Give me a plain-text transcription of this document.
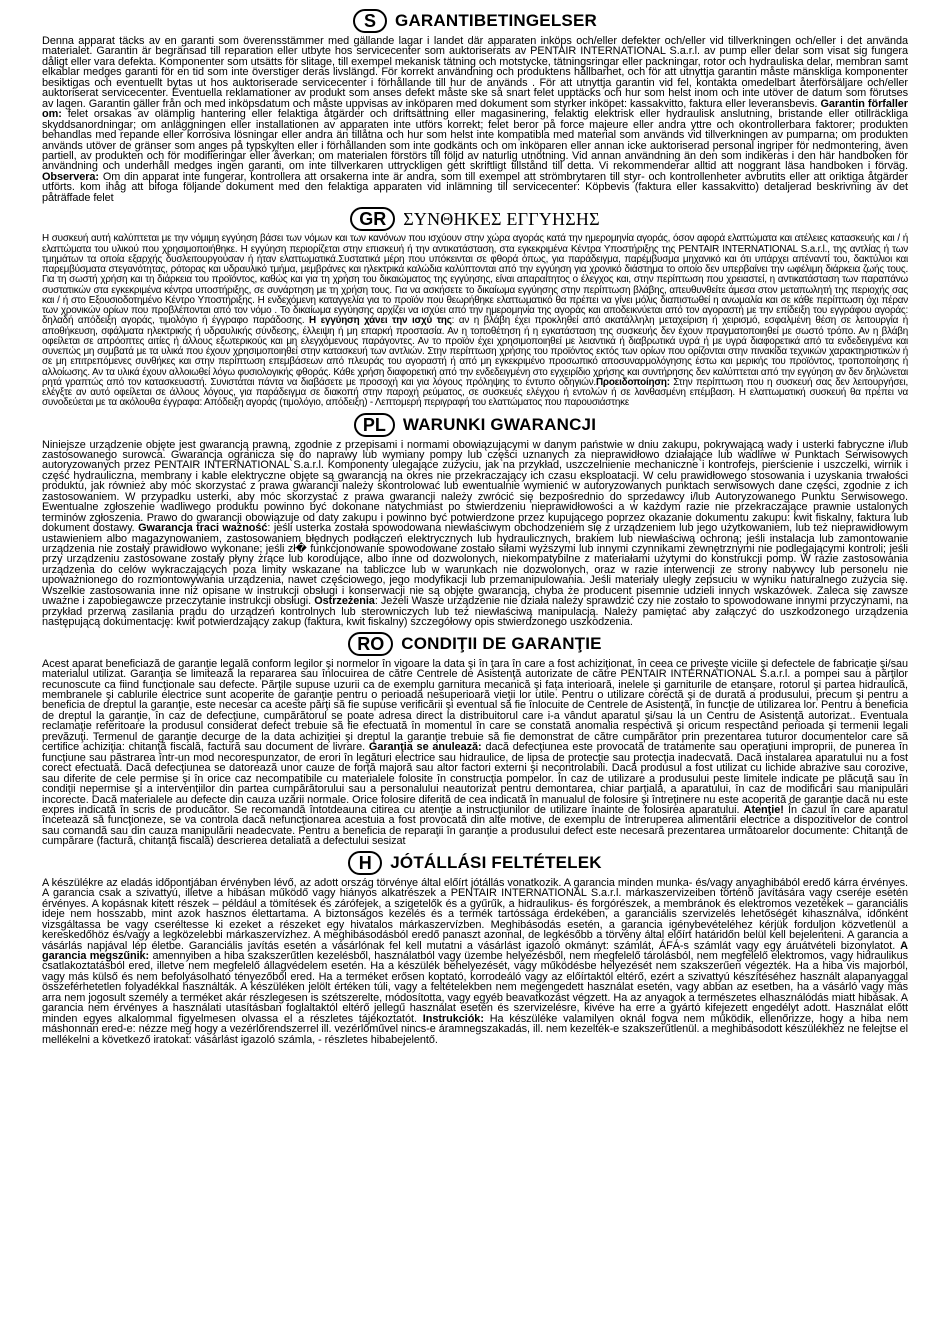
S	GARANTIBETINGELSER

Denna apparat täcks av en garanti som överensstämmer med gällande lagar i landet där apparaten inköps och/eller defekter och/eller vid tillverkningen och/eller i det använda materialet. Garantin är begränsad till reparation eller utbyte hos servicecenter som auktoriserats av PENTAIR INTERNATIONAL S.a.r.l. av pump eller delar som visat sig fungera dåligt eller vara defekta. Komponenter som utsätts för slitage, till exempel mekanisk tätning och motstycke, tätningsringar eller packningar, rotor och hydrauliska delar, membran samt elkablar medges garanti för en tid som inte överstiger deras livslängd. För korrekt användning och produktens hållbarhet, och för att utnyttja garantin måste mänskliga komponenter besiktigas och eventuellt bytas ut hos auktoriserade servicecenter i förhållande till hur de används . För att utnyttja garantin vid fel, kontakta omedelbart återförsäljare och/eller auktoriserat servicecenter. Eventuella reklamationer av produkt som anses defekt måste ske så snart felet upptäcks och hur som helst inom och inte utöver de datum som förutses av lagen. Garantin gäller från och med inköpsdatum och måste uppvisas av inköparen med dokument som styrker inköpet: kassakvitto, faktura eller leveransbevis. Garantin förfaller om: felet orsakas av olämplig hantering eller felaktiga åtgärder och driftsättning eller magasinering, felaktig elektrisk eller hydraulisk anslutning, bristande eller otillräckliga skyddsanordningar; om anläggningen eller installationen av apparaten inte utförs korrekt; felet beror på force majeure eller andra yttre och okontrollerbara faktorer; produkten behandlas med repande eller korrosiva lösningar eller andra än tillåtna och hur som helst inte kompatibla med material som används vid tillverkningen av pumparna; om produkten används utöver de gränser som anges på typskylten eller i förhållanden som inte godkänts och om inköparen eller annan icke auktoriserad personal ingriper för nedmontering, även partiell, av produkten och för modifieringar eller åverkan; om materialen förstörs till följd av naturlig utnötning. Vid annan användning än den som indikeras i den här handboken för användning och underhåll medges ingen garanti, om inte tillverkaren uttryckligen gett skriftligt tillstånd till detta. Vi rekommenderar alltid att noggrant läsa handboken i förväg. Observera: Om din apparat inte fungerar, kontrollera att orsakerna inte är andra, som till exempel att strömbrytaren till styr- och kontrollenheter avbrutits eller att oriktiga åtgärder utförts. kom ihåg att bifoga följande dokument med den felaktiga apparaten vid inlämning till servicecenter: Köpbevis (faktura eller kassakvitto) detaljerad beskrivning av det påträffade felet

GR ΣΥΝΘΗΚΕΣ ΕΓΓΥΗΣΗΣ

Η συσκευή αυτή καλύπτεται με την νόμιμη εγγύηση βάσει των νόμων και των κανόνων που ισχύουν στην χώρα αγοράς κατά την ημερομηνία αγοράς, όσον αφορά ελαττώματα και ατέλειες κατασκευής και / ή ελαττώματα του υλικού που χρησιμοποιήθηκε. Η εγγύηση περιορίζεται στην επισκευή ή την αντικατάσταση, στα εγκεκριμένα Κέντρα Υποστήριξης της PENTAIR INTERNATIONAL S.a.r.l., της αντλίας ή των τμημάτων τα οποία εξαρχής δυσλειτουργούσαν ή ήταν ελαττωματικά.Συστατικά μέρη που υπόκεινται σε φθορά όπως, για παράδειγμα, παρέμβυσμα μηχανικό και ότι υπάρχει απέναντί του, δακτύλιοι και παρεμβύσματα στεγανότητας, ρότορας και υδραυλικό τμήμα, μεμβράνες και ηλεκτρικά καλώδια καλύπτονται από την εγγύηση για χρονικό διάστημα το οποίο δεν υπερβαίνει την ωφέλιμη διάρκεια ζωής τους. Για τη σωστή χρήση και τη διάρκεια του προϊόντος, καθώς και για τη χρήση του δικαιώματος της εγγύησης, είναι απαραίτητος ο έλεγχος και, στην περίπτωση που χρειαστεί, η αντικατάσταση των παραπάνω συστατικών στα εγκεκριμένα κέντρα υποστήριξης, σε συνάρτηση με τη χρήση τους. Για να ασκήσετε το δικαίωμα εγγύησης στην περίπτωση βλάβης, απευθυνθείτε άμεσα στον μεταπωλητή της περιοχής σας και / ή στο Εξουσιοδοτημένο Κέντρο Υποστήριξης. Η ενδεχόμενη καταγγελία για το προϊόν που θεωρήθηκε ελαττωματικό θα πρέπει να γίνει μόλις διαπιστωθεί η ανωμαλία και σε κάθε περίπτωση όχι πέραν των χρονικών ορίων που προβλέπονται από τον νόμο . Το δικαίωμα εγγύησης αρχίζει να ισχύει από την ημερομηνία της αγοράς και αποδεικνύεται από τον αγοραστή με την επίδειξη του εγγράφου αγοράς: δηλαδή απόδειξη αγοράς, τιμολόγιο ή έγγραφο παράδοσης. Η εγγύηση χάνει την ισχύ της: αν η βλάβη έχει προκληθεί από ακατάλληλη μεταχείριση ή χειρισμό, εσφαλμένη θέση σε λειτουργία ή αποθήκευση, σφάλματα ηλεκτρικής ή υδραυλικής σύνδεσης, έλλειψη ή μη επαρκή προστασία. Αν η τοποθέτηση ή η εγκατάσταση της συσκευής δεν έχουν πραγματοποιηθεί με σωστό τρόπο. Αν η βλάβη οφείλεται σε απρόοπτες αιτίες ή άλλους εξωτερικούς και μη ελεγχόμενους παράγοντες. Αν το προϊόν έχει χρησιμοποιηθεί με λειαντικά ή διαβρωτικά υγρά ή με υγρά διαφορετικά από τα ενδεδειγμένα και συνεπώς μη συμβατά με τα υλικά που έχουν χρησιμοποιηθεί στην κατασκευή των αντλιών. Στην περίπτωση χρήσης του προϊόντος εκτός των ορίων που ορίζονται στην πινακίδα τεχνικών χαρακτηριστικών ή σε μη επιτρεπόμενες συνθήκες και στην περίπτωση επεμβάσεων από πλευράς του αγοραστή ή από μη εγκεκριμένο προσωπικό αποσυναρμολόγησης έστω και μερικής του προϊόντος, τροποποίησης ή αλλοίωσης. Αν τα υλικά έχουν αλλοιωθεί λόγω φυσιολογικής φθοράς. Κάθε χρήση διαφορετική από την ενδεδειγμένη στο εγχειρίδιο χρήσης και συντήρησης δεν καλύπτεται από την εγγύηση αν δεν δηλώνεται ρητά γραπτώς από τον κατασκευαστή. Συνιστάται πάντα να διαβάσετε με προσοχή και για λόγους πρόληψης το έντυπο οδηγιών.Προειδοποίηση: Στην περίπτωση που η συσκευή σας δεν λειτουργήσει, ελέγξτε αν αυτό οφείλεται σε άλλους λόγους, για παράδειγμα σε διακοπή στην παροχή ρεύματος, σε συσκευές ελέγχου ή εντολών ή σε λανθασμένη επέμβαση. Η ελαττωματική συσκευή θα πρέπει να συνοδεύεται με τα ακόλουθα έγγραφα: Απόδειξη αγοράς (τιμολόγιο, απόδειξη) - Λεπτομερή περιγραφή του ελαττώματος που παρουσιάστηκε

PL	WARUNKI GWARANCJI

Niniejsze urządzenie objęte jest gwarancją prawną, zgodnie z przepisami i normami obowiązującymi w danym państwie w dniu zakupu, pokrywającą wady i usterki fabryczne i/lub zastosowanego surowca. Gwarancja ogranicza się do naprawy lub wymiany pompy lub części uznanych za nieprawidłowo działające lub wadliwe w Punktach Serwisowych autoryzowanych przez PENTAIR INTERNATIONAL S.a.r.l. Komponenty ulegające zużyciu, jak na przykład, uszczelnienie mechaniczne i kontrofejs, pierścienie i uszczelki, wirnik i część hydrauliczna, membrany i kable elektryczne objęte są gwarancją na okres nie przekraczający ich czasu eksploatacji. W celu prawidłowego stosowania i uzyskania trwałości produktu, jak również aby móc skorzystać z prawa gwarancji należy skontrolować lub ewentualnie wymienić w autoryzowanych punktach serwisowych dane części, zgodnie z ich zastosowaniem. W przypadku usterki, aby móc skorzystać z prawa gwarancji należy zwrócić się bezpośrednio do sprzedawcy i/lub Autoryzowanego Punktu Serwisowego. Ewentualne zgłoszenie wadliwego produktu powinno być dokonane natychmiast po stwierdzeniu nieprawidłowości a w każdym razie nie przekraczające prawnie ustalonych terminów zgłoszenia. Prawo do gwarancji obowiązuje od daty zakupu i powinno być potwierdzone przez kupującego poprzez okazanie dokumentu zakupu: kwit fiskalny, faktura lub dokument dostawy. Gwarancja traci ważność: jeśli usterka została spowodowana niewłaściwym obchodzeniem się z urządzeniem lub jego użytkowaniem, lub też nieprawidłowym ustawieniem albo magazynowaniem, zastosowaniem błędnych podłączeń elektrycznych lub hydraulicznych, brakiem lub niewłaściwą ochroną; jeśli instalacja lub zamontowanie urządzenia nie zostały prawidłowo wykonane; jeśli zł� funkcjonowanie spowodowane zostało siłami wyższymi lub innymi czynnikami zewnętrznymi nie podlegającymi kontroli; jeśli przy urządzeniu zastosowane zostały płyny żrące lub korodujące, albo inne od dozwolonych, niekompatybilne z materiałami użytymi do konstrukcji pomp. W razie zastosowania urządzenia do celów wykraczających poza limity wskazane na tabliczce lub w warunkach nie dozwolonych, oraz w razie interwencji ze strony nabywcy lub personelu nie upoważnionego do rozmontowywania urządzenia, nawet częściowego, jego modyfikacji lub przemanipulowania. Jeśli materiały uległy zepsuciu w wyniku naturalnego zużycia się. Wszelkie zastosowania inne niż opisane w instrukcji obsługi i konserwacji nie są objęte gwarancją, chyba że producent pisemnie udzieli innych wskazówek. Zaleca się zawsze uważne i zapobiegawcze przeczytanie instrukcji obsługi. Ostrzeżenia: Jeżeli Wasze urządzenie nie działa należy sprawdzić czy nie zostało to spowodowane innymi przyczynami, na przykład przerwą zasilania prądu do urządzeń kontrolnych lub sterowniczych lub też niewłaściwą manipulacją. Należy pamiętać aby załączyć do uszkodzonego urządzenia następującą dokumentację: kwit potwierdzający zakup (faktura, kwit fiskalny) szczegółowy opis stwierdzonego uszkodzenia.

RO	CONDIŢII DE GARANŢIE

Acest aparat beneficiază de garanţie legală conform legilor şi normelor în vigoare la data şi în ţara în care a fost achiziţionat, în ceea ce priveşte viciile şi defectele de fabricaţie şi/sau materialul utilizat. Garanţia se limitează la repararea sau înlocuirea de către Centrele de Asistenţă autorizate de către PENTAIR INTERNATIONAL S.a.r.l. a pompei sau a părţilor recunoscute ca fiind funcţionale sau defecte. Părţile supuse uzurii ca de exemplu garnitura mecanică şi fața interioară, inelele şi garniturile de etanşare, rotorul şi partea hidraulică, membranele şi cablurile electrice sunt acoperite de garanţie pentru o perioadă nesuperioară vieţii lor utile. Pentru o utilizare corectă şi de durată a produsului, precum şi pentru a beneficia de dreptul la garanţie, este necesar ca aceste părţi să fie supuse verificării şi eventual să fie înlocuite de Centrele de Asistenţă, în funcţie de utilizarea lor. Pentru a beneficia de dreptul la garanţie, în caz de defecţiune, cumpărătorul se poate adresa direct la distribuitorul care i-a vândut aparatul şi/sau la un Centru de Asistenţă autorizat.. Eventuala reclamaţie referitoare la produsul considerat defect trebuie să fie efectuată în momentul în care se constată anomalia respectivă şi oricum respectând perioada şi termenii legali prevăzuţi. Termenul de garanţie decurge de la data achiziţiei şi dreptul la garanţie trebuie să fie demonstrat de către cumpărător prin prezentarea tuturor documentelor care să certifice achiziţia: chitanţă fiscală, factură sau document de livrare. Garanţia se anulează: dacă defecţiunea este provocată de tratamente sau operaţiuni improprii, de punerea în funcţiune sau păstrarea într-un mod necorespunzator, de erori în legături electrice sau hidraulice, de lipsa de protecţie sau protecţia inadecvată. Dacă instalarea aparatului nu a fost corect efectuată. Dacă defecţiunea se datorează unor cauze de forţă majoră sau altor factori externi şi necontrolabili. Dacă produsul a fost utilizat cu lichide abrazive sau corozive, sau diferite de cele permise şi în orice caz necompatibile cu materialele folosite în construcţia pompelor. În caz de utilizare a produsului peste limitele indicate pe plăcuţă sau în condiţii nepermise şi a intervenţiilor din partea cumpărătorului sau a personalului neautorizat pentru demontarea, chiar parţială, a aparatului, în caz de modificări sau manipulări incorecte. Dacă materialele au defecte din cauza uzării normale. Orice folosire diferită de cea indicată în manualul de folosire şi întreţinere nu este acoperită de garanţie dacă nu este expres indicată în scris de producător. Se recomandă întotdeauna citirea cu atenţie a instrucţiunilor de utilizare înainte de folosirea aparatului. Atenţie! În cazul în care aparatul încetează să funcţioneze, se va controla dacă nefuncţionarea acestuia a fost provocată din alte motive, de exemplu de întreruperea alimentării electrice a dispozitivelor de control sau comandă sau din cauza manipulării neadecvate. Pentru a beneficia de reparaţii în garanţie a produsului defect este necesară prezentarea următoarelor documente: Chitanţă de cumpărare (factură, chitanţă fiscală) descrierea detaliată a defectului sesizat

H	JÓTÁLLÁSI FELTÉTELEK

A készülékre az eladás időpontjában érvényben lévő, az adott ország törvénye által előírt jótállás vonatkozik. A garancia minden munka- és/vagy anyaghibából eredő kárra érvényes. A garancia csak a szivattyú, illetve a hibásan működő vagy hiányos alkatrészek a PENTAIR INTERNATIONAL S.a.r.l. márkaszervizeiben történő javítására vagy cseréje esetén érvényes. A kopásnak kitett részek – például a tömítések és zárófejek, a szigetelők és a gyűrűk, a hidraulikus- és forgórészek, a membránok és elektromos vezetékek – garanciális ideje nem hosszabb, mint azok hasznos élettartama. A biztonságos kezelés és a termék tartóssága érdekében, a garanciális szervizelés lehetőségét kihasználva, időnként vizsgáltassa be vagy cseréltesse ki ezeket a részeket egy hivatalos márkaszervízben. Meghibásodás esetén, a garancia igénybevételéhez kérjük forduljon közvetlenül a kereskedőhöz és/vagy a legközelebbi márkaszervízhez. A meghibásodásból eredő panaszt azonnal, de legkésőbb a törvény által előírt határidőn belül kell bejelenteni. A garancia a vásárlás napjával lép életbe. Garanciális javítás esetén a vásárlónak fel kell mutatni a vásárlást igazoló okmányt: számlát, ÁFÁ-s számlát vagy egy áruátvételi bizonylatot. A garancia megszűnik: amennyiben a hiba szakszerűtlen kezelésből, használatból vagy üzembe helyezésből, nem megfelelő tárolásból, nem megfelelő elektromos, vagy hidraulikus csatlakoztatásból ered, illetve nem megfelelő állagvédelem esetén. Ha a készülék behelyezését, vagy működésbe helyezését nem szakszerűen végezték. Ha a hiba vis majorból, vagy más külső és nem befolyásolható tényezőből ered. Ha a terméket erősen koptató, korrodeáló vagy az előírtaktól eltérő, ezért a szivattyú készítéséhez használt alapanyaggal összeférhetetlen folyadékkal használták. A készüléken jelölt értéken túli, vagy a feltételekben nem megengedett használat esetén, vagy abban az esetben, ha a vásárló vagy más arra nem jogosult személy a terméket akár részlegesen is szétszerelte, módosította, vagy egyéb beavatkozást végzett. Ha az anyagok a természetes elhasználódás miatt hibásak. A garancia nem érvényes a használati utasításban foglaltaktól eltérő jellegű használat esetén és szervizelésre, kivéve ha erre a gyártó kifejezett engedélyt adott. Használat előtt minden egyes alkalommal figyelmesen olvassa el a részletes tájékoztatót. Instrukciók: Ha készüléke valamilyen oknál fogva nem működik, ellenőrizze, hogy a hiba nem máshonnan ered-e: nézze meg hogy a vezérlőrendszerrel ill. vezérlőművel nincs-e áramnegszakadás, ill. nem kezelték-e szakszerűtlenül. a meghibásodott készülékhez ne felejtse el mellékelni a következő iratokat: vásárlást igazoló számla, - részletes hibabejelentő.
